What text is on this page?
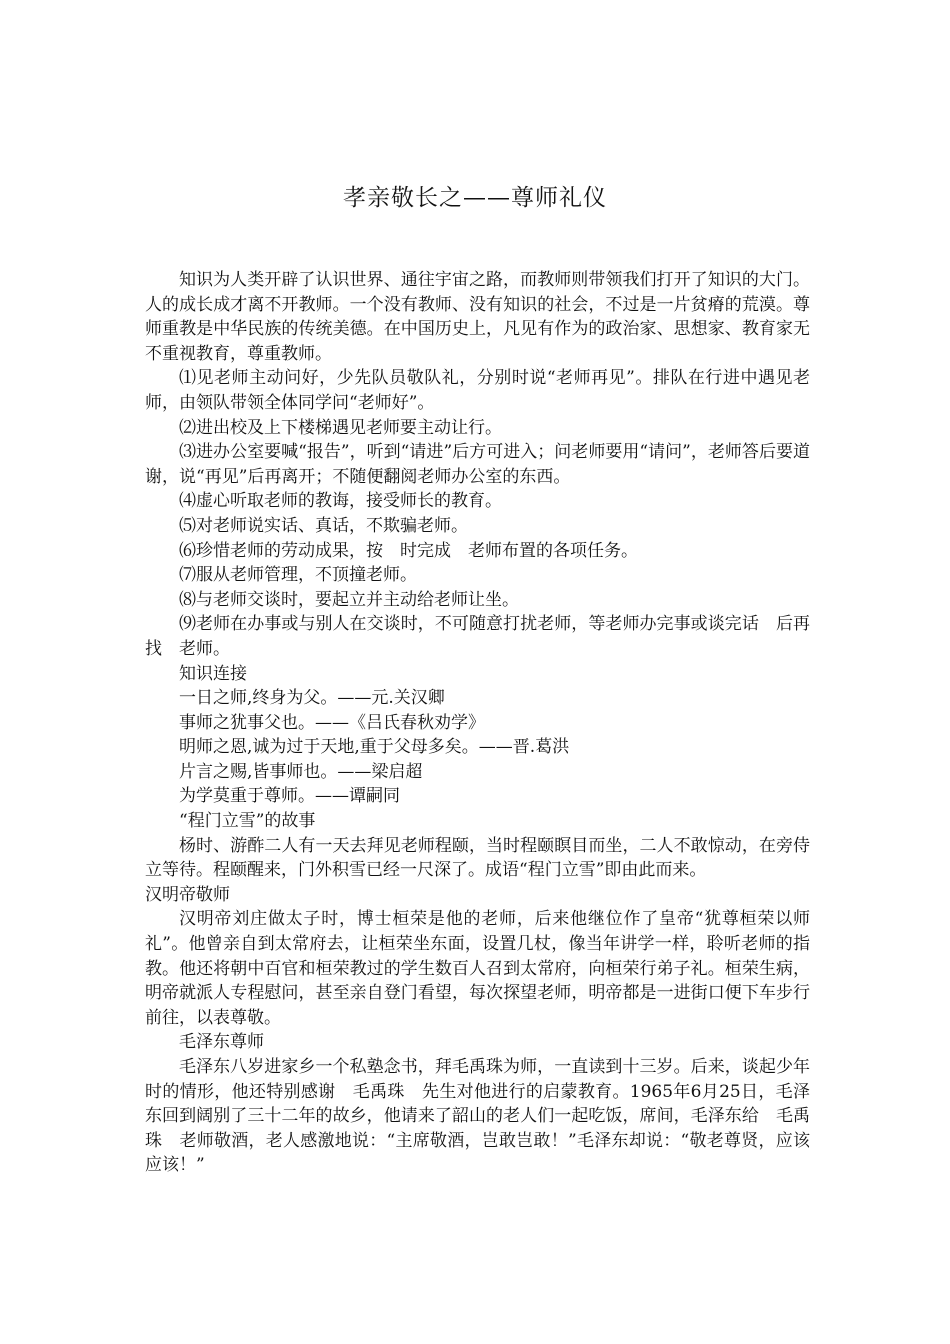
孝亲敬长之——尊师礼仪

知识为人类开辟了认识世界、通往宇宙之路，而教师则带领我们打开了知识的大门。人的成长成才离不开教师。一个没有教师、没有知识的社会，不过是一片贫瘠的荒漠。尊师重教是中华民族的传统美德。在中国历史上，凡见有作为的政治家、思想家、教育家无不重视教育，尊重教师。

⑴见老师主动问好，少先队员敬队礼，分别时说“老师再见”。排队在行进中遇见老师，由领队带领全体同学问“老师好”。

⑵进出校及上下楼梯遇见老师要主动让行。

⑶进办公室要喊“报告”，听到“请进”后方可进入；问老师要用“请问”，老师答后要道谢，说“再见”后再离开；不随便翻阅老师办公室的东西。

⑷虚心听取老师的教诲，接受师长的教育。

⑸对老师说实话、真话，不欺骗老师。

⑹珍惜老师的劳动成果，按　时完成　老师布置的各项任务。

⑺服从老师管理，不顶撞老师。

⑻与老师交谈时，要起立并主动给老师让坐。

⑼老师在办事或与别人在交谈时，不可随意打扰老师，等老师办完事或谈完话　后再找　老师。

知识连接

一日之师,终身为父。——元.关汉卿

事师之犹事父也。——《吕氏春秋劝学》

明师之恩,诚为过于天地,重于父母多矣。——晋.葛洪

片言之赐,皆事师也。——梁启超

为学莫重于尊师。——谭嗣同

“程门立雪”的故事

杨时、游酢二人有一天去拜见老师程颐，当时程颐瞑目而坐，二人不敢惊动，在旁侍立等待。程颐醒来，门外积雪已经一尺深了。成语“程门立雪”即由此而来。

汉明帝敬师

汉明帝刘庄做太子时，博士桓荣是他的老师，后来他继位作了皇帝“犹尊桓荣以师礼”。他曾亲自到太常府去，让桓荣坐东面，设置几杖，像当年讲学一样，聆听老师的指教。他还将朝中百官和桓荣教过的学生数百人召到太常府，向桓荣行弟子礼。桓荣生病，明帝就派人专程慰问，甚至亲自登门看望，每次探望老师，明帝都是一进街口便下车步行前往，以表尊敬。

毛泽东尊师

毛泽东八岁进家乡一个私塾念书，拜毛禹珠为师，一直读到十三岁。后来，谈起少年时的情形，他还特别感谢　毛禹珠　先生对他进行的启蒙教育。1965年6月25日，毛泽东回到阔别了三十二年的故乡，他请来了韶山的老人们一起吃饭，席间，毛泽东给　毛禹珠　老师敬酒，老人感激地说：“主席敬酒，岂敢岂敢！”毛泽东却说：“敬老尊贤，应该应该！”
